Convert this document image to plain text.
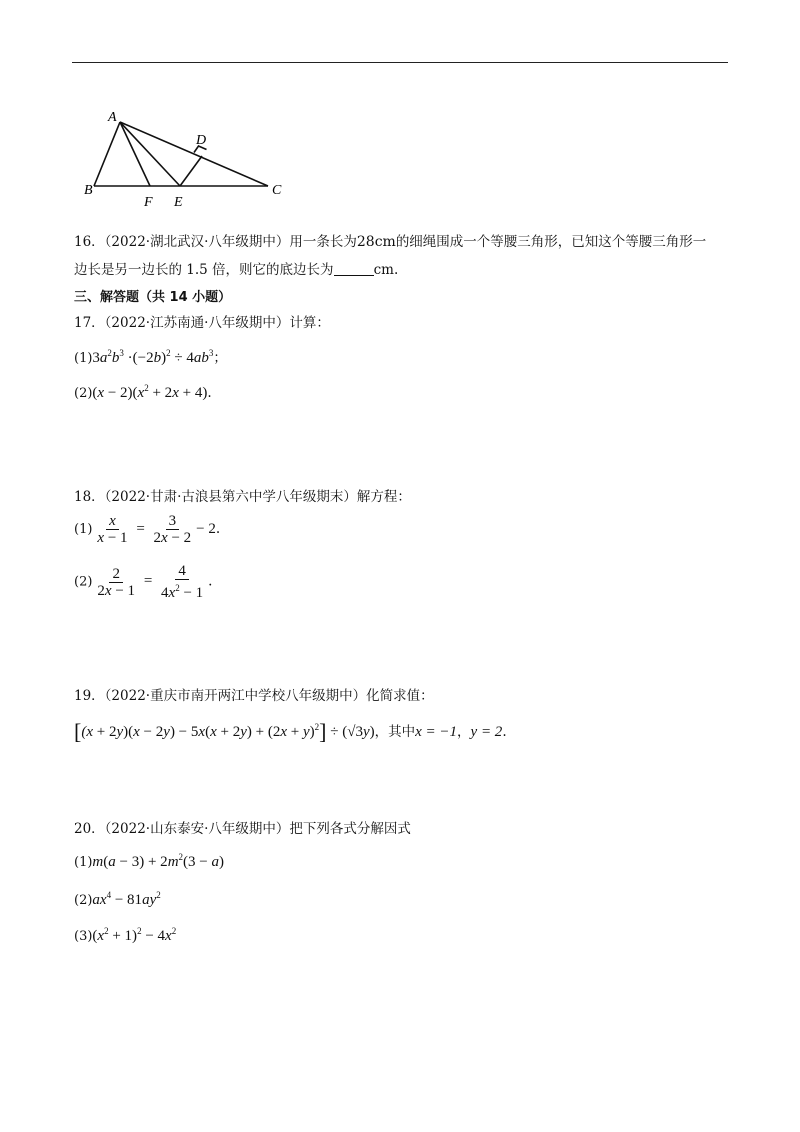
A
B	C
D
E
F
16．（2022·湖北武汉·八年级期中）用一条长为28cm的细绳围成一个等腰三角形，已知这个等腰三角形一
边长是另一边长的 1.5 倍，则它的底边长为	cm.
三、解答题（共 14 小题）
17．（2022·江苏南通·八年级期中）计算：
$(1)3a^2b^3 \cdot(-2b)^2 \div 4ab^3$；
$(2)(x - 2)(x^2 + 2x + 4)$.
18．（2022·甘肃·古浪县第六中学八年级期末）解方程：
$(1) \frac{x}{x - 1} = \frac{3}{2x - 2} - 2$.
$(2) \frac{2}{2x - 1} = \frac{4}{4x^2 - 1}$ .
19．（2022·重庆市南开两江中学校八年级期中）化简求值：
$[(x + 2y)(x - 2y) - 5x(x + 2y) + (2x + y)^2] \div (√3y)$，其中x = −1，y = 2.
20．（2022·山东泰安·八年级期中）把下列各式分解因式
$(1)m(a - 3) + 2m^2(3 - a)$
$(2)ax^4 - 81ay^2$
$(3)(x^2 + 1)^2 - 4x^2$
